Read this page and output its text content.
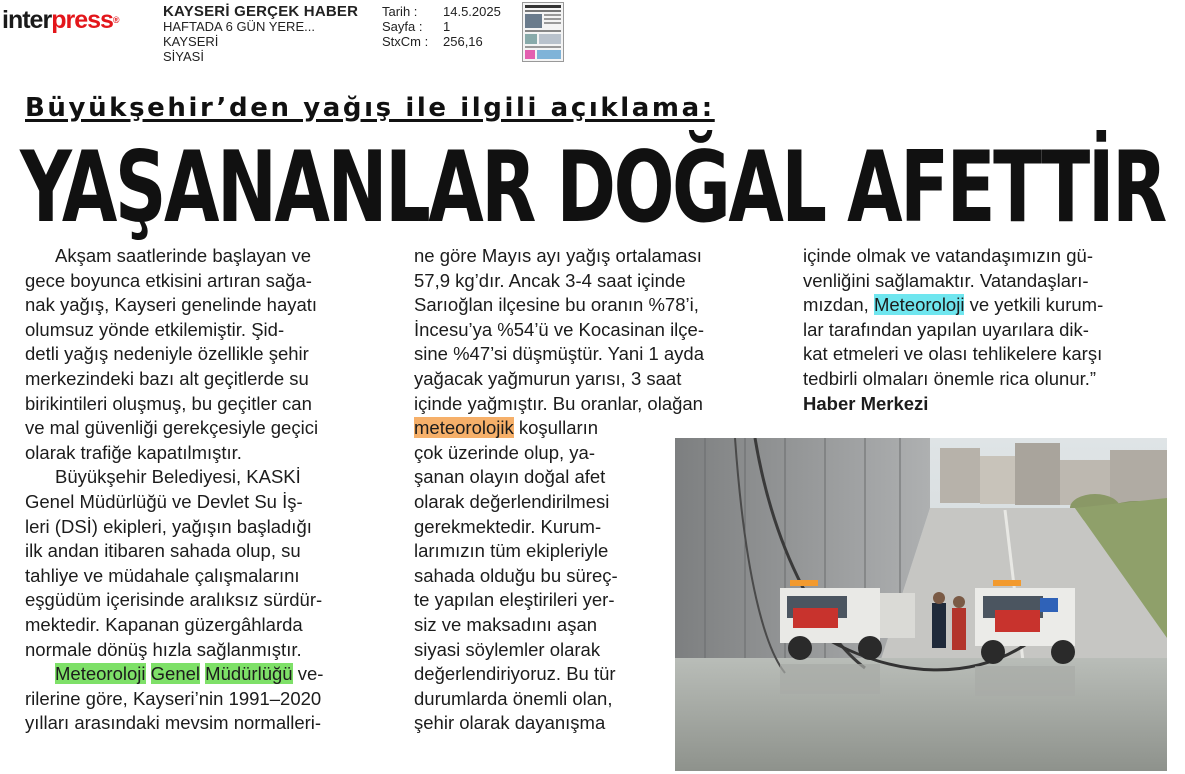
interpress®	KAYSERİ GERÇEK HABER
HAFTADA 6 GÜN YERE...
KAYSERİ
SİYASİ
Tarih : 14.5.2025
Sayfa : 1
StxCm : 256,16
Büyükşehir’den yağış ile ilgili açıklama:
YAŞANANLAR DOĞAL AFETTİR
Akşam saatlerinde başlayan ve
gece boyunca etkisini artıran sağa-
nak yağış, Kayseri genelinde hayatı
olumsuz yönde etkilemiştir. Şid-
detli yağış nedeniyle özellikle şehir
merkezindeki bazı alt geçitlerde su
birikintileri oluşmuş, bu geçitler can
ve mal güvenliği gerekçesiyle geçici
olarak trafiğe kapatılmıştır.
Büyükşehir Belediyesi, KASKİ
Genel Müdürlüğü ve Devlet Su İş-
leri (DSİ) ekipleri, yağışın başladığı
ilk andan itibaren sahada olup, su
tahliye ve müdahale çalışmalarını
eşgüdüm içerisinde aralıksız sürdür-
mektedir. Kapanan güzergâhlarda
normale dönüş hızla sağlanmıştır.
Meteoroloji Genel Müdürlüğü ve-
rilerine göre, Kayseri’nin 1991–2020
yılları arasındaki mevsim normalleri-
ne göre Mayıs ayı yağış ortalaması
57,9 kg’dır. Ancak 3-4 saat içinde
Sarıoğlan ilçesine bu oranın %78’i,
İncesu’ya %54’ü ve Kocasinan ilçe-
sine %47’si düşmüştür. Yani 1 ayda
yağacak yağmurun yarısı, 3 saat
içinde yağmıştır. Bu oranlar, olağan
meteorolojik koşulların
çok üzerinde olup, ya-
şanan olayın doğal afet
olarak değerlendirilmesi
gerekmektedir. Kurum-
larımızın tüm ekipleriyle
sahada olduğu bu süreç-
te yapılan eleştirileri yer-
siz ve maksadını aşan
siyasi söylemler olarak
değerlendiriyoruz. Bu tür
durumlarda önemli olan,
şehir olarak dayanışma
içinde olmak ve vatandaşımızın gü-
venliğini sağlamaktır. Vatandaşları-
mızdan, Meteoroloji ve yetkili kurum-
lar tarafından yapılan uyarılara dik-
kat etmeleri ve olası tehlikelere karşı
tedbirli olmaları önemle rica olunur.”
Haber Merkezi
